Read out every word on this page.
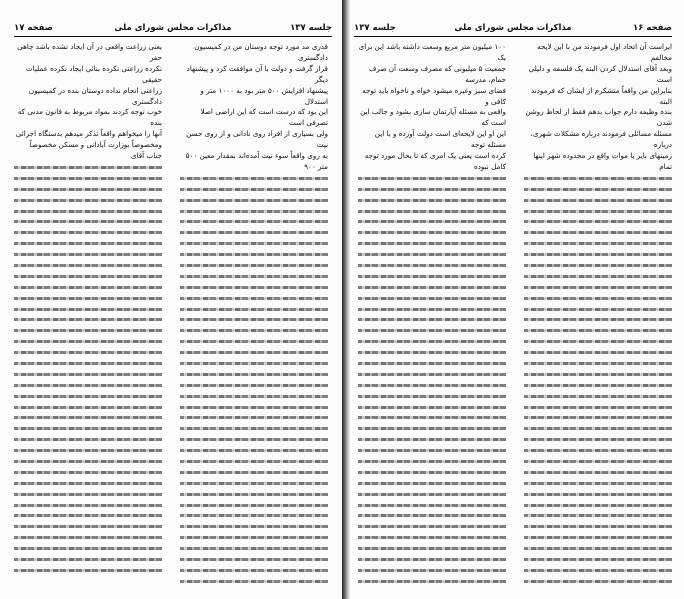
جلسه ۱۳۷
مذاکرات مجلس شورای ملی
صفحه ۱۷
قدری مد مورد توجه دوستان من در کمیسیون دادگستری
قرار گرفت و دولت با آن موافقت کرد و پیشنهاد دیگر
پیشنهاد افزایش ۵۰۰ متر بود به ۱۰۰۰ متر و استدلال
این بود که درست است که این اراضی اصلا تصرفی است
ولی بسیاری از افراد روی نادانی و از روی حسن نیت
به روی واقعاً سوء نیت آمده‌اند بمقدار معین ۵۰۰ متر ۹۰۰
یعنی زراعت واقعی در آن ایجاد نشده باشد چاهی حفر
نکرده زراعتی نکرده بنائی ایجاد نکرده عملیات حقیقی
زراعتی انجام نداده دوستان بنده در کمیسیون دادگستری
خوب توجه کردند بمواد مربوط به قانون مدنی که بنده
آنها را میخواهم واقعاً تذکر میدهم بدستگاه اجرائی
ومخصوصاً بوزارت آبادانی و مسکن مخصوصاً جناب آقای
صفحه ۱۶
مذاکرات مجلس شورای ملی
جلسه ۱۳۷
ایراست آن اتحاد اول فرمودند من با این لایحه مخالفم
وبعد آقای استدلال کردن البته یک فلسفه و دلیلی است
بنابراین من واقعاً متشکرم از ایشان که فرمودند البته
بنده وظیفه دارم جواب بدهم فقط از لحاظ روشن شدن
مسئله مسائلی فرمودند درباره مشکلات شهری، درباره
زمینهای بایر یا موات واقع در محدوده شهر اینها تمام
۱۰۰ میلیون متر مربع وسعت داشته باشد این برای یک
جمعیت ۵ میلیونی که مصرف وسعت آن صرف حمام، مدرسه
فضای سبز وغیره میشود خواه و ناخواه باید توجه کافی و
واقعی به مسئله آپارتمان سازی بشود و جالب این است که
این او این لایحه‌ای است دولت آورده و با این مسئله توجه
کرده است یعنی یک امری که تا بحال مورد توجه کامل نبوده
